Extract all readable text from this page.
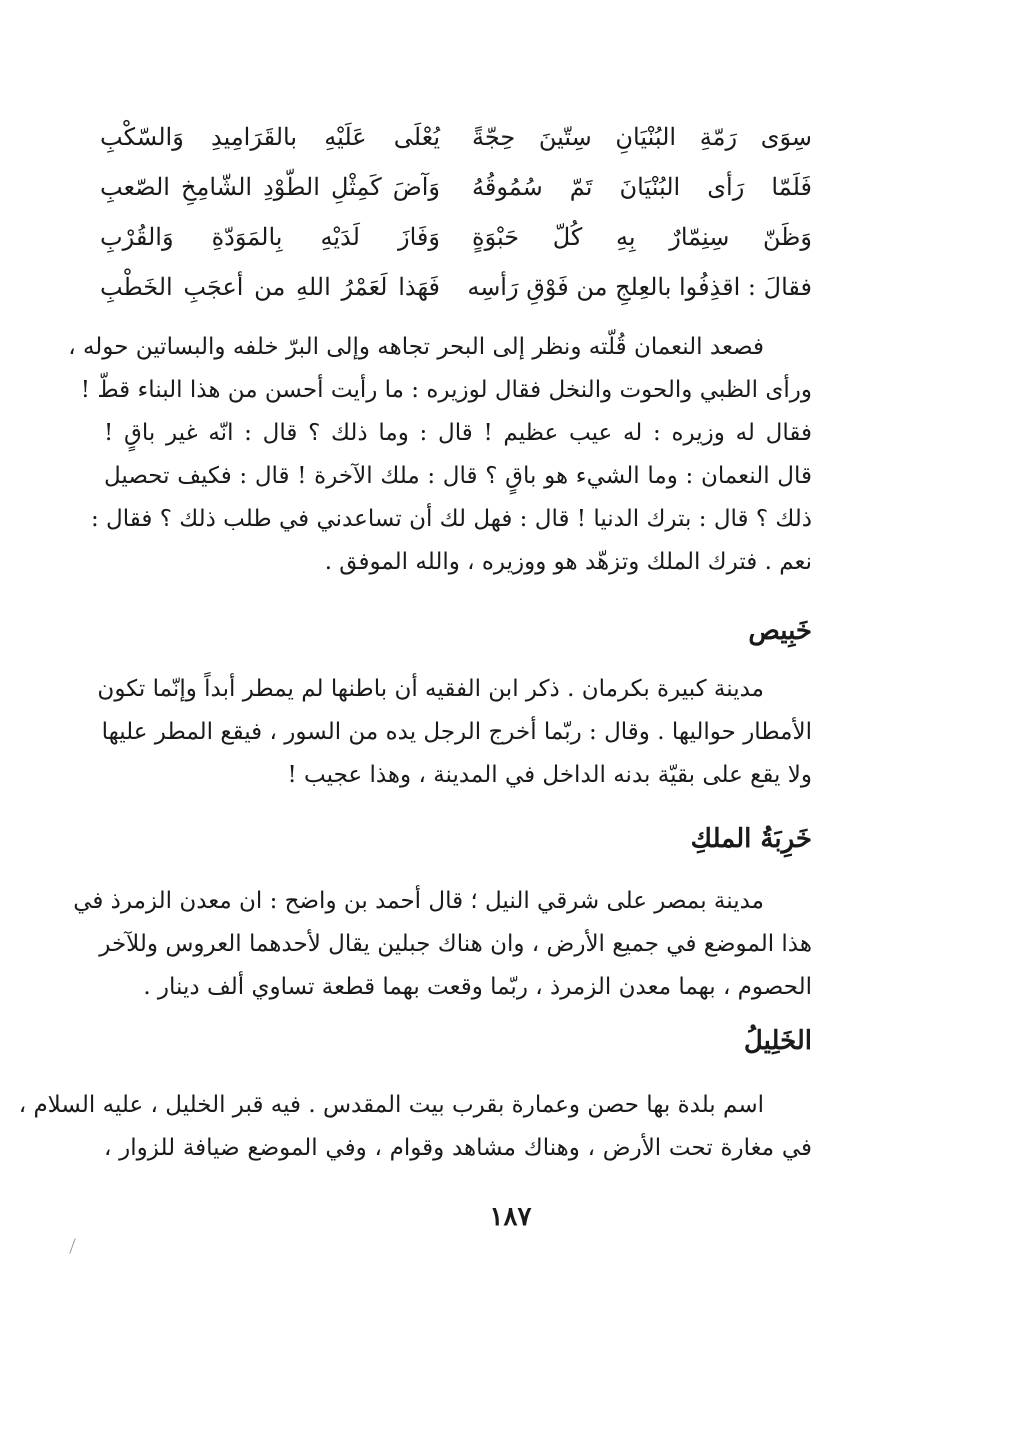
سِوَى رَمّةِ البُنْيَانِ سِتّينَ حِجّةً
يُعْلَى عَلَيْهِ بالقَرَامِيدِ وَالسّكْبِ
فَلَمّا رَأى البُنْيَانَ تَمّ سُمُوقُهُ
وَآضَ كَمِثْلِ الطّوْدِ الشّامِخِ الصّعبِ
وَظَنّ سِنِمّارٌ بِهِ كُلّ حَبْوَةٍ
وَفَازَ لَدَيْهِ بِالمَوَدّةِ وَالقُرْبِ
فقالَ : اقذِفُوا بالعِلجِ من فَوْقِ رَأسِه
فَهَذا لَعَمْرُ اللهِ من أعجَبِ الخَطْبِ
فصعد النعمان قُلّته ونظر إلى البحر تجاهه وإلى البرّ خلفه والبساتين حوله ،
ورأى الظبي والحوت والنخل فقال لوزيره : ما رأيت أحسن من هذا البناء قطّ !
فقال له وزيره : له عيب عظيم ! قال : وما ذلك ؟ قال : انّه غير باقٍ !
قال النعمان : وما الشيء هو باقٍ ؟ قال : ملك الآخرة ! قال : فكيف تحصيل
ذلك ؟ قال : بترك الدنيا ! قال : فهل لك أن تساعدني في طلب ذلك ؟ فقال :
نعم . فترك الملك وتزهّد هو ووزيره ، والله الموفق .
خَبِيص
مدينة كبيرة بكرمان . ذكر ابن الفقيه أن باطنها لم يمطر أبداً وإنّما تكون
الأمطار حواليها . وقال : ربّما أخرج الرجل يده من السور ، فيقع المطر عليها
ولا يقع على بقيّة بدنه الداخل في المدينة ، وهذا عجيب !
خَرِبَةُ الملكِ
مدينة بمصر على شرقي النيل ؛ قال أحمد بن واضح : ان معدن الزمرذ في
هذا الموضع في جميع الأرض ، وان هناك جبلين يقال لأحدهما العروس وللآخر
الحصوم ، بهما معدن الزمرذ ، ربّما وقعت بهما قطعة تساوي ألف دينار .
الخَلِيلُ
اسم بلدة بها حصن وعمارة بقرب بيت المقدس . فيه قبر الخليل ، عليه السلام ،
في مغارة تحت الأرض ، وهناك مشاهد وقوام ، وفي الموضع ضيافة للزوار ،
١٨٧
